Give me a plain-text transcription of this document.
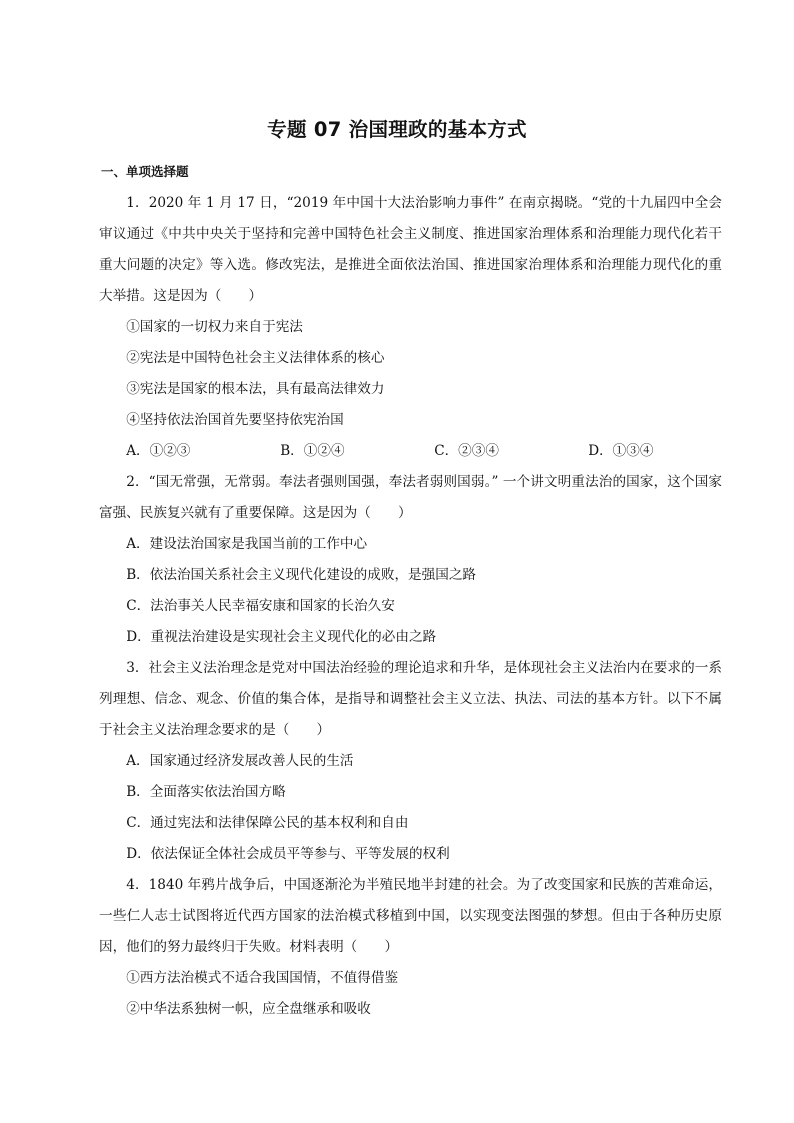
专题 07 治国理政的基本方式
一、单项选择题

1．2020 年 1 月 17 日，“2019 年中国十大法治影响力事件” 在南京揭晓。“党的十九届四中全会审议通过《中共中央关于坚持和完善中国特色社会主义制度、推进国家治理体系和治理能力现代化若干重大问题的决定》等入选。修改宪法，是推进全面依法治国、推进国家治理体系和治理能力现代化的重大举措。这是因为（　　）

①国家的一切权力来自于宪法

②宪法是中国特色社会主义法律体系的核心

③宪法是国家的根本法，具有最高法律效力

④坚持依法治国首先要坚持依宪治国

A．①②③	B．①②④	C．②③④	D．①③④

2．“国无常强，无常弱。奉法者强则国强，奉法者弱则国弱。” 一个讲文明重法治的国家，这个国家富强、民族复兴就有了重要保障。这是因为（　　）

A．建设法治国家是我国当前的工作中心

B．依法治国关系社会主义现代化建设的成败，是强国之路

C．法治事关人民幸福安康和国家的长治久安

D．重视法治建设是实现社会主义现代化的必由之路

3．社会主义法治理念是党对中国法治经验的理论追求和升华，是体现社会主义法治内在要求的一系列理想、信念、观念、价值的集合体，是指导和调整社会主义立法、执法、司法的基本方针。以下不属于社会主义法治理念要求的是（　　）

A．国家通过经济发展改善人民的生活

B．全面落实依法治国方略

C．通过宪法和法律保障公民的基本权利和自由

D．依法保证全体社会成员平等参与、平等发展的权利

4．1840 年鸦片战争后，中国逐渐沦为半殖民地半封建的社会。为了改变国家和民族的苦难命运，一些仁人志士试图将近代西方国家的法治模式移植到中国，以实现变法图强的梦想。但由于各种历史原因，他们的努力最终归于失败。材料表明（　　）

①西方法治模式不适合我国国情，不值得借鉴

②中华法系独树一帜，应全盘继承和吸收
